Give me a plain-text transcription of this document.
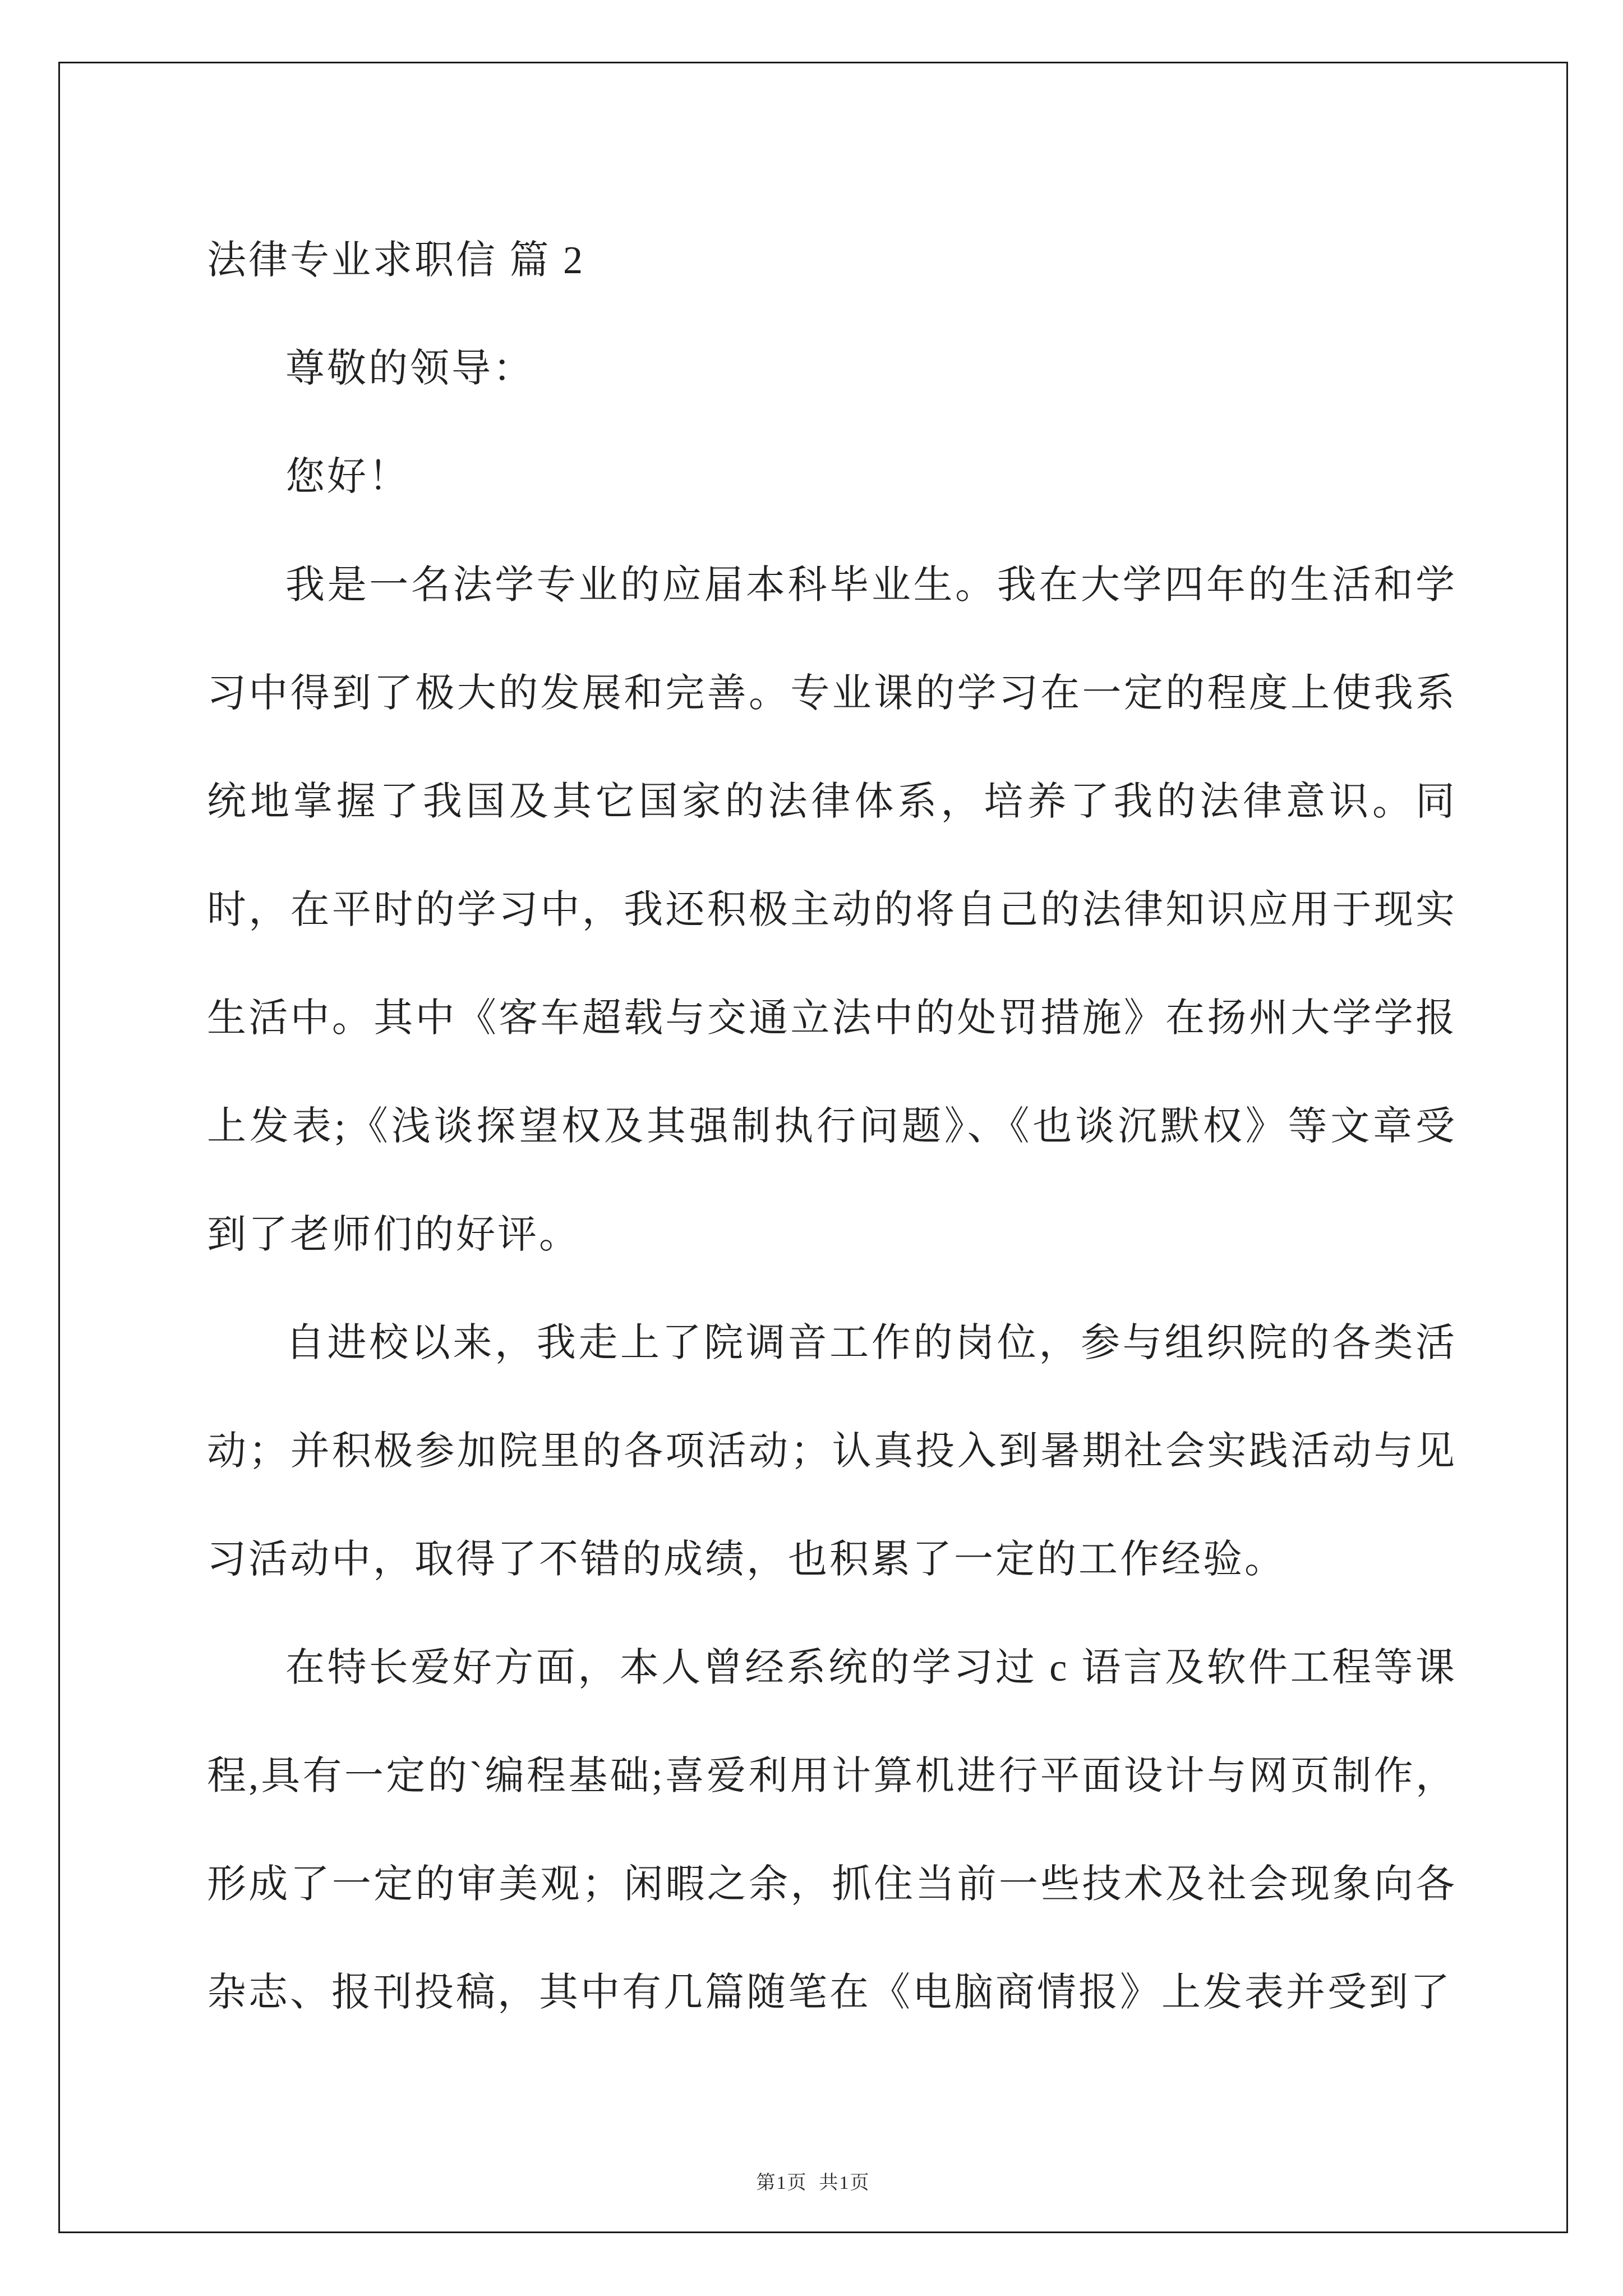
法律专业求职信 篇 2

尊敬的领导：

您好！

我是一名法学专业的应届本科毕业生。我在大学四年的生活和学习中得到了极大的发展和完善。专业课的学习在一定的程度上使我系统地掌握了我国及其它国家的法律体系，培养了我的法律意识。同时，在平时的学习中，我还积极主动的将自己的法律知识应用于现实生活中。其中《客车超载与交通立法中的处罚措施》在扬州大学学报上发表;《浅谈探望权及其强制执行问题》、《也谈沉默权》等文章受到了老师们的好评。

自进校以来，我走上了院调音工作的岗位，参与组织院的各类活动；并积极参加院里的各项活动；认真投入到暑期社会实践活动与见习活动中，取得了不错的成绩，也积累了一定的工作经验。

在特长爱好方面，本人曾经系统的学习过 c 语言及软件工程等课程,具有一定的`编程基础;喜爱利用计算机进行平面设计与网页制作，形成了一定的审美观；闲暇之余，抓住当前一些技术及社会现象向各杂志、报刊投稿，其中有几篇随笔在《电脑商情报》上发表并受到了

第1页  共1页
